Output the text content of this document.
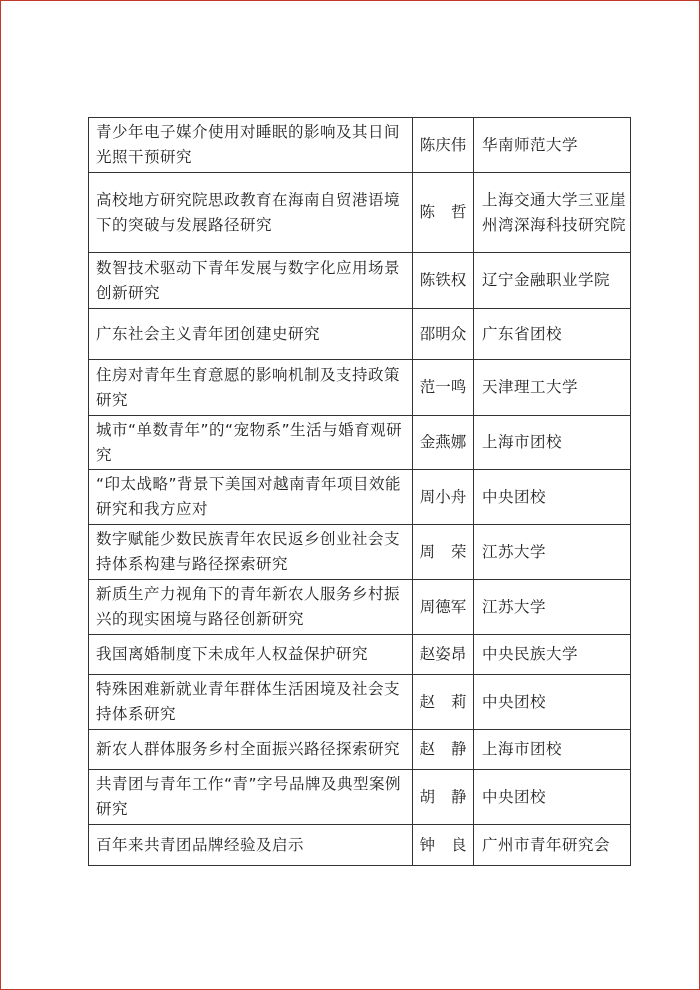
青少年电子媒介使用对睡眠的影响及其日间光照干预研究	陈庆伟	华南师范大学
高校地方研究院思政教育在海南自贸港语境下的突破与发展路径研究	陈哲	上海交通大学三亚崖州湾深海科技研究院
数智技术驱动下青年发展与数字化应用场景创新研究	陈铁权	辽宁金融职业学院
广东社会主义青年团创建史研究	邵明众	广东省团校
住房对青年生育意愿的影响机制及支持政策研究	范一鸣	天津理工大学
城市“单数青年”的“宠物系”生活与婚育观研究	金燕娜	上海市团校
“印太战略”背景下美国对越南青年项目效能研究和我方应对	周小舟	中央团校
数字赋能少数民族青年农民返乡创业社会支持体系构建与路径探索研究	周荣	江苏大学
新质生产力视角下的青年新农人服务乡村振兴的现实困境与路径创新研究	周德军	江苏大学
我国离婚制度下未成年人权益保护研究	赵姿昂	中央民族大学
特殊困难新就业青年群体生活困境及社会支持体系研究	赵莉	中央团校
新农人群体服务乡村全面振兴路径探索研究	赵静	上海市团校
共青团与青年工作“青”字号品牌及典型案例研究	胡静	中央团校
百年来共青团品牌经验及启示	钟良	广州市青年研究会
